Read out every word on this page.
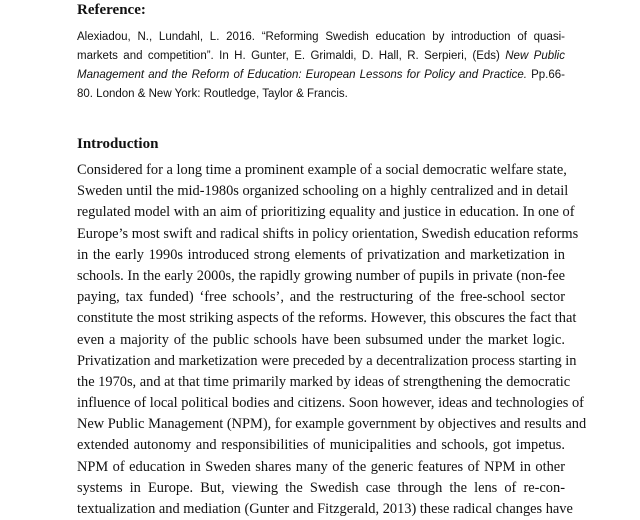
Reference:

Alexiadou, N., Lundahl, L. 2016. “Reforming Swedish education by introduction of quasi-markets and competition”. In H. Gunter, E. Grimaldi, D. Hall, R. Serpieri, (Eds) New Public Management and the Reform of Education: European Lessons for Policy and Practice. Pp.66-80. London & New York: Routledge, Taylor & Francis.

Introduction
Considered for a long time a prominent example of a social democratic welfare state,
Sweden until the mid-1980s organized schooling on a highly centralized and in detail
regulated model with an aim of prioritizing equality and justice in education. In one of
Europe’s most swift and radical shifts in policy orientation, Swedish education reforms
in the early 1990s introduced strong elements of privatization and marketization in
schools. In the early 2000s, the rapidly growing number of pupils in private (non-fee
paying, tax funded) ‘free schools’, and the restructuring of the free-school sector
constitute the most striking aspects of the reforms. However, this obscures the fact that
even a majority of the public schools have been subsumed under the market logic.
Privatization and marketization were preceded by a decentralization process starting in
the 1970s, and at that time primarily marked by ideas of strengthening the democratic
influence of local political bodies and citizens. Soon however, ideas and technologies of
New Public Management (NPM), for example government by objectives and results and
extended autonomy and responsibilities of municipalities and schools, got impetus.
NPM of education in Sweden shares many of the generic features of NPM in other
systems in Europe. But, viewing the Swedish case through the lens of re-con-
textualization and mediation (Gunter and Fitzgerald, 2013) these radical changes have
